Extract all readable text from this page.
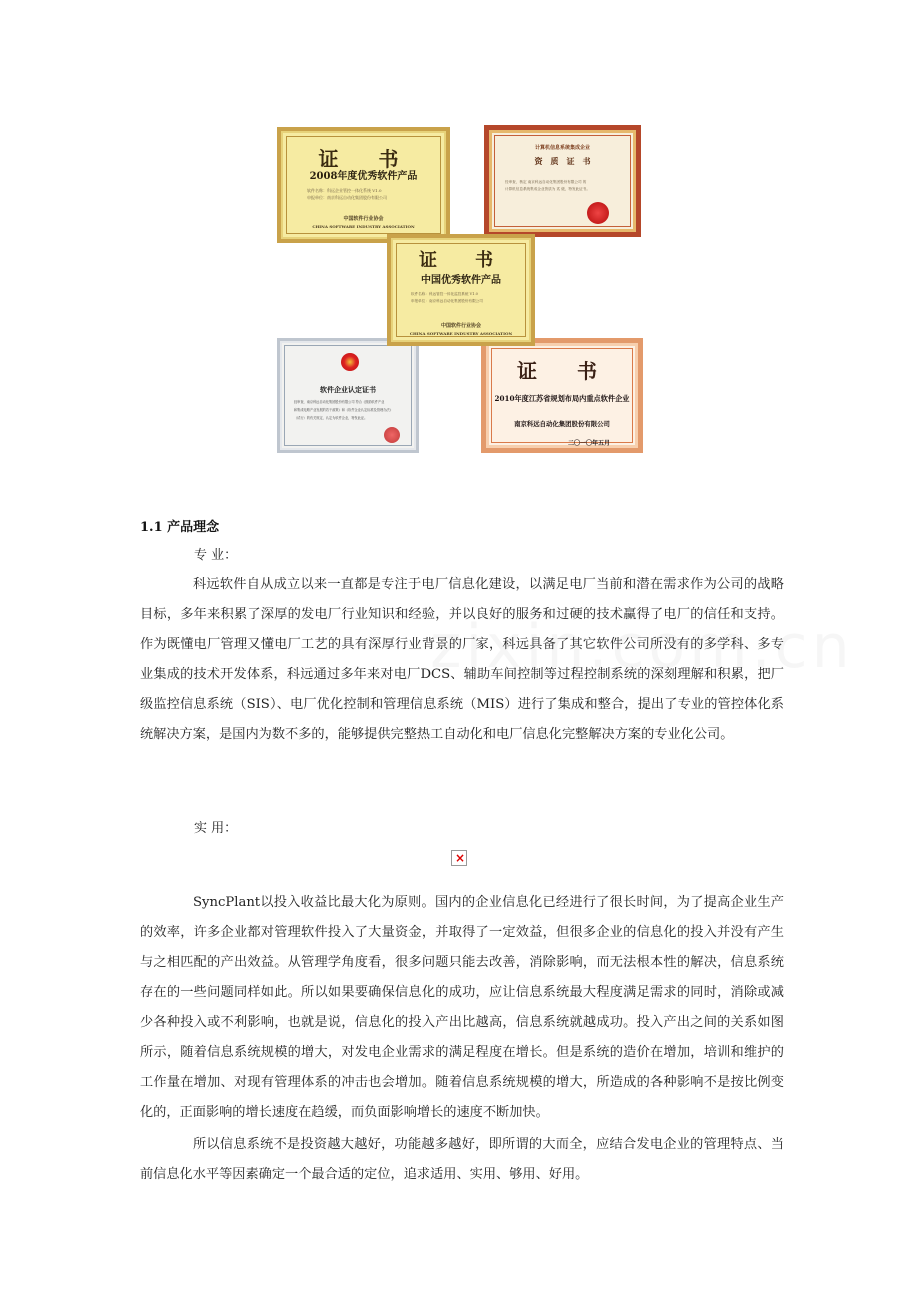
证　书
2008年度优秀软件产品
软件名称：科远企业管控一体化系统 V1.0
申报单位：南京科远自动化集团股份有限公司
中国软件行业协会
CHINA SOFTWARE INDUSTRY ASSOCIATION
计算机信息系统集成企业
资　质　证　书
经审查，核定 南京科远自动化集团股份有限公司 的
计算机信息系统集成企业资质为 贰 级，特发此证书。
证　书
中国优秀软件产品
软件名称：科远管控一体化监控系统 V1.0
申报单位：南京科远自动化集团股份有限公司
中国软件行业协会
CHINA SOFTWARE INDUSTRY ASSOCIATION
软件企业认定证书
经审查，南京科远自动化集团股份有限公司 符合《鼓励软件产业
和集成电路产业发展的若干政策》和《软件企业认定标准及管理办法》
（试行）的有关规定，认定为软件企业，特发此证。
证　书
2010年度江苏省规划布局内重点软件企业
南京科远自动化集团股份有限公司
二〇一〇年五月
1.1 产品理念
专 业：
科远软件自从成立以来一直都是专注于电厂信息化建设，以满足电厂当前和潜在需求作为公司的战略目标，多年来积累了深厚的发电厂行业知识和经验，并以良好的服务和过硬的技术赢得了电厂的信任和支持。作为既懂电厂管理又懂电厂工艺的具有深厚行业背景的厂家，科远具备了其它软件公司所没有的多学科、多专业集成的技术开发体系，科远通过多年来对电厂DCS、辅助车间控制等过程控制系统的深刻理解和积累，把厂级监控信息系统（SIS）、电厂优化控制和管理信息系统（MIS）进行了集成和整合，提出了专业的管控体化系统解决方案，是国内为数不多的，能够提供完整热工自动化和电厂信息化完整解决方案的专业化公司。
实 用：
×
SyncPlant以投入收益比最大化为原则。国内的企业信息化已经进行了很长时间，为了提高企业生产的效率，许多企业都对管理软件投入了大量资金，并取得了一定效益，但很多企业的信息化的投入并没有产生与之相匹配的产出效益。从管理学角度看，很多问题只能去改善，消除影响，而无法根本性的解决，信息系统存在的一些问题同样如此。所以如果要确保信息化的成功，应让信息系统最大程度满足需求的同时，消除或减少各种投入或不利影响，也就是说，信息化的投入产出比越高，信息系统就越成功。投入产出之间的关系如图所示，随着信息系统规模的增大，对发电企业需求的满足程度在增长。但是系统的造价在增加，培训和维护的工作量在增加、对现有管理体系的冲击也会增加。随着信息系统规模的增大，所造成的各种影响不是按比例变化的，正面影响的增长速度在趋缓，而负面影响增长的速度不断加快。
所以信息系统不是投资越大越好，功能越多越好，即所谓的大而全，应结合发电企业的管理特点、当前信息化水平等因素确定一个最合适的定位，追求适用、实用、够用、好用。
